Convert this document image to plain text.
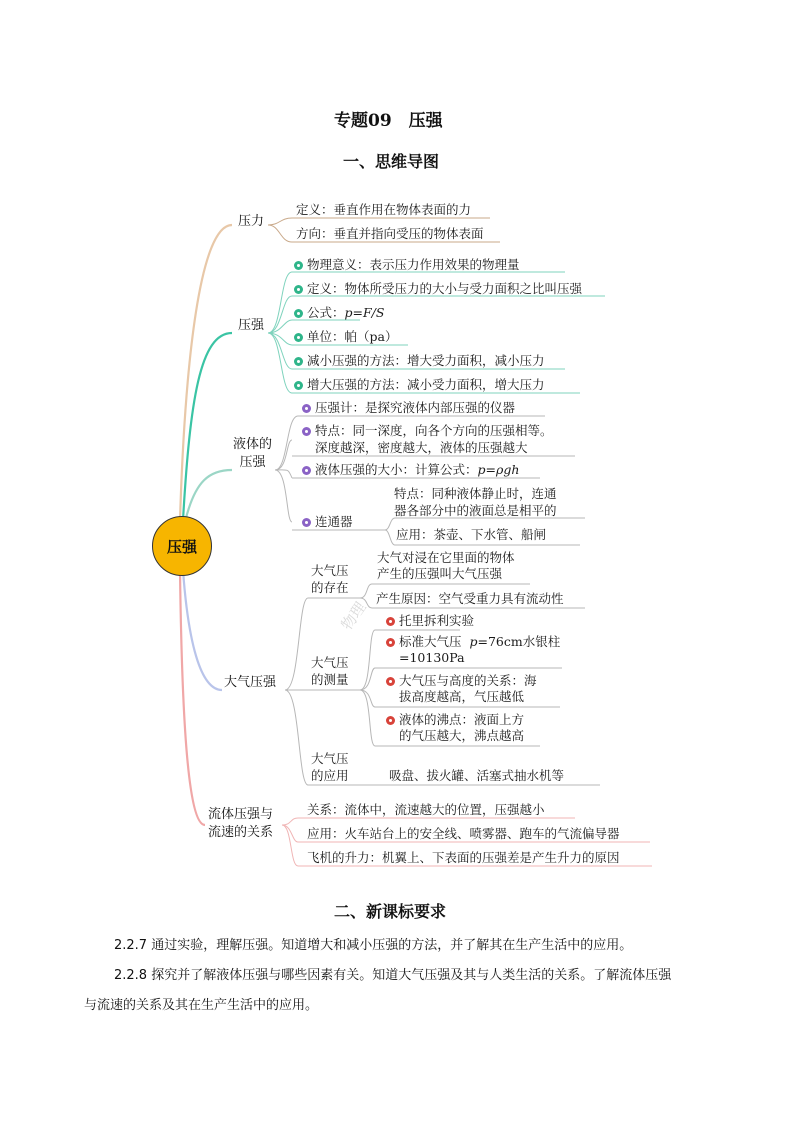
专题09　压强
一、思维导图
物理
压强
压力
定义：垂直作用在物体表面的力
方向：垂直并指向受压的物体表面
压强
物理意义：表示压力作用效果的物理量
定义：物体所受压力的大小与受力面积之比叫压强
公式：p=F/S
单位：帕（pa）
减小压强的方法：增大受力面积，减小压力
增大压强的方法：减小受力面积，增大压力
液体的
压强
压强计：是探究液体内部压强的仪器
特点：同一深度，向各个方向的压强相等。
深度越深，密度越大，液体的压强越大
液体压强的大小：计算公式：p=ρgh
连通器
特点：同种液体静止时，连通
器各部分中的液面总是相平的
应用：茶壶、下水管、船闸
大气压强
大气压
的存在
大气对浸在它里面的物体
产生的压强叫大气压强
产生原因：空气受重力具有流动性
大气压
的测量
托里拆利实验
标准大气压 p=76cm水银柱
=10130Pa
大气压与高度的关系：海
拔高度越高，气压越低
液体的沸点：液面上方
的气压越大，沸点越高
大气压
的应用	吸盘、拔火罐、活塞式抽水机等
流体压强与
流速的关系
关系：流体中，流速越大的位置，压强越小
应用：火车站台上的安全线、喷雾器、跑车的气流偏导器
飞机的升力：机翼上、下表面的压强差是产生升力的原因
二、新课标要求
2.2.7 通过实验，理解压强。知道增大和减小压强的方法，并了解其在生产生活中的应用。
2.2.8 探究并了解液体压强与哪些因素有关。知道大气压强及其与人类生活的关系。了解流体压强
与流速的关系及其在生产生活中的应用。
